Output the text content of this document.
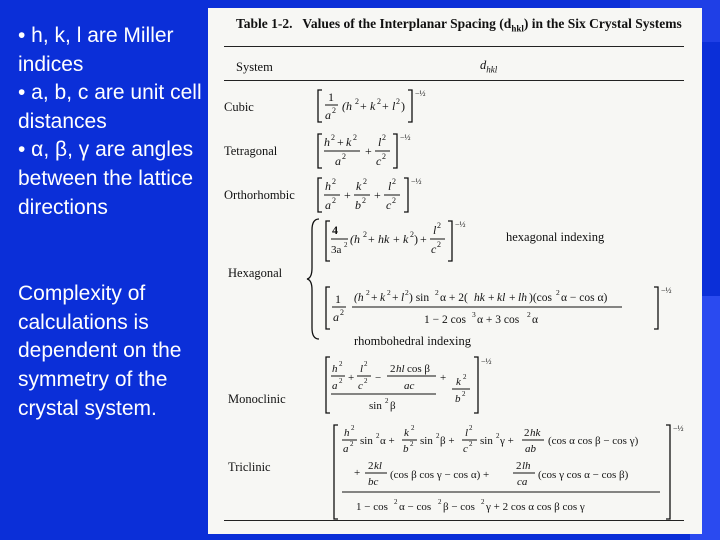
• h, k, l are Miller indices
• a, b, c are unit cell distances
• α, β, γ are angles between the lattice directions
Complexity of calculations is dependent on the symmetry of the crystal system.
Table 1-2. Values of the Interplanar Spacing $(d_{hkl})$ in the Six Crystal Systems
System	$d_{hkl}$
Cubic
Tetragonal
Orthorhombic
Hexagonal
Monoclinic
Triclinic
1
a 2 (h 2 + k 2 + l 2 )
−½
h 2 + k 2
a 2 +
l 2
c 2
−½
h 2
a 2 +
k 2
b 2 +
l 2
c 2
−½
4
3a 2 (h 2 + hk + k 2 ) +
l 2
c 2
−½
hexagonal indexing
1
a 2
(h 2 + k 2 + l 2 ) sin 2 α + 2( hk + kl + lh )(cos 2 α − cos α)
1 − 2 cos 3 α + 3 cos 2 α
−½
rhombohedral indexing
h 2
a 2 +
l 2
c 2 −
2 hl cos β
ac
+ k 2
b 2
sin 2 β
−½
h 2
a 2 sin 2 α +
k 2
b 2 sin 2 β +
l 2
c 2 sin 2 γ +
2 hk
ab
(cos α cos β − cos γ)
+
2 kl
bc
(cos β cos γ − cos α) +
2 lh
ca
(cos γ cos α − cos β)
1 − cos 2 α − cos 2 β − cos 2 γ + 2 cos α cos β cos γ
−½
